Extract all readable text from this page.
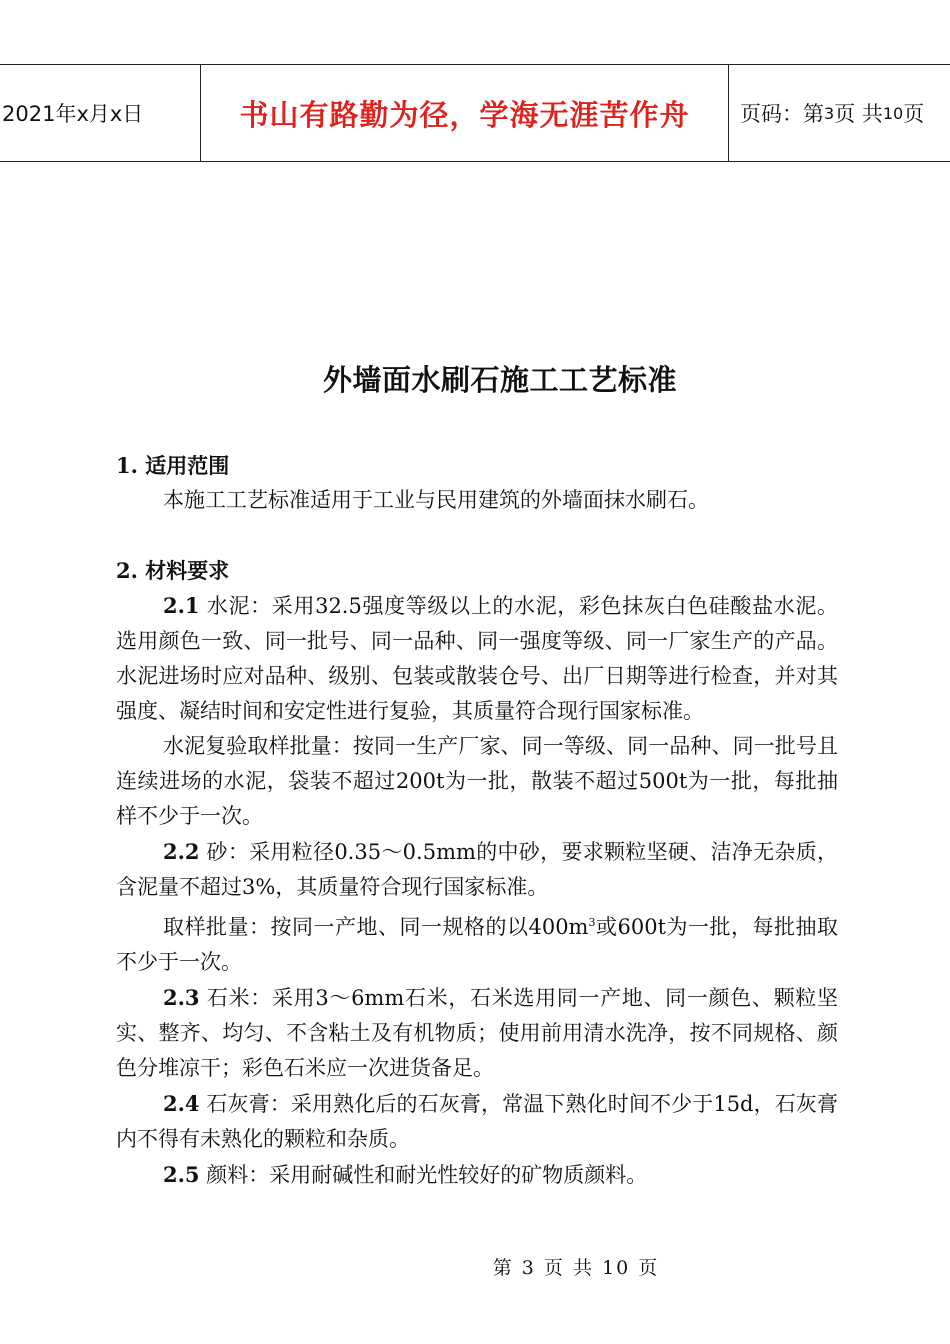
2021年x月x日	书山有路勤为径，学海无涯苦作舟	页码：第 3 页 共 10 页
外墙面水刷石施工工艺标准

1. 适用范围

本施工工艺标准适用于工业与民用建筑的外墙面抹水刷石。

2. 材料要求

2.1 水泥：采用32.5强度等级以上的水泥，彩色抹灰白色硅酸盐水泥。选用颜色一致、同一批号、同一品种、同一强度等级、同一厂家生产的产品。水泥进场时应对品种、级别、包装或散装仓号、出厂日期等进行检查，并对其强度、凝结时间和安定性进行复验，其质量符合现行国家标准。

水泥复验取样批量：按同一生产厂家、同一等级、同一品种、同一批号且连续进场的水泥，袋装不超过200t为一批，散装不超过500t为一批，每批抽样不少于一次。

2.2 砂：采用粒径0.35～0.5mm的中砂，要求颗粒坚硬、洁净无杂质，含泥量不超过3%，其质量符合现行国家标准。

取样批量：按同一产地、同一规格的以$400m^3$或600t为一批，每批抽取不少于一次。

2.3 石米：采用3～6mm石米，石米选用同一产地、同一颜色、颗粒坚实、整齐、均匀、不含粘土及有机物质；使用前用清水洗净，按不同规格、颜色分堆凉干；彩色石米应一次进货备足。

2.4 石灰膏：采用熟化后的石灰膏，常温下熟化时间不少于15d，石灰膏内不得有未熟化的颗粒和杂质。

2.5 颜料：采用耐碱性和耐光性较好的矿物质颜料。

第 3 页 共 10 页
